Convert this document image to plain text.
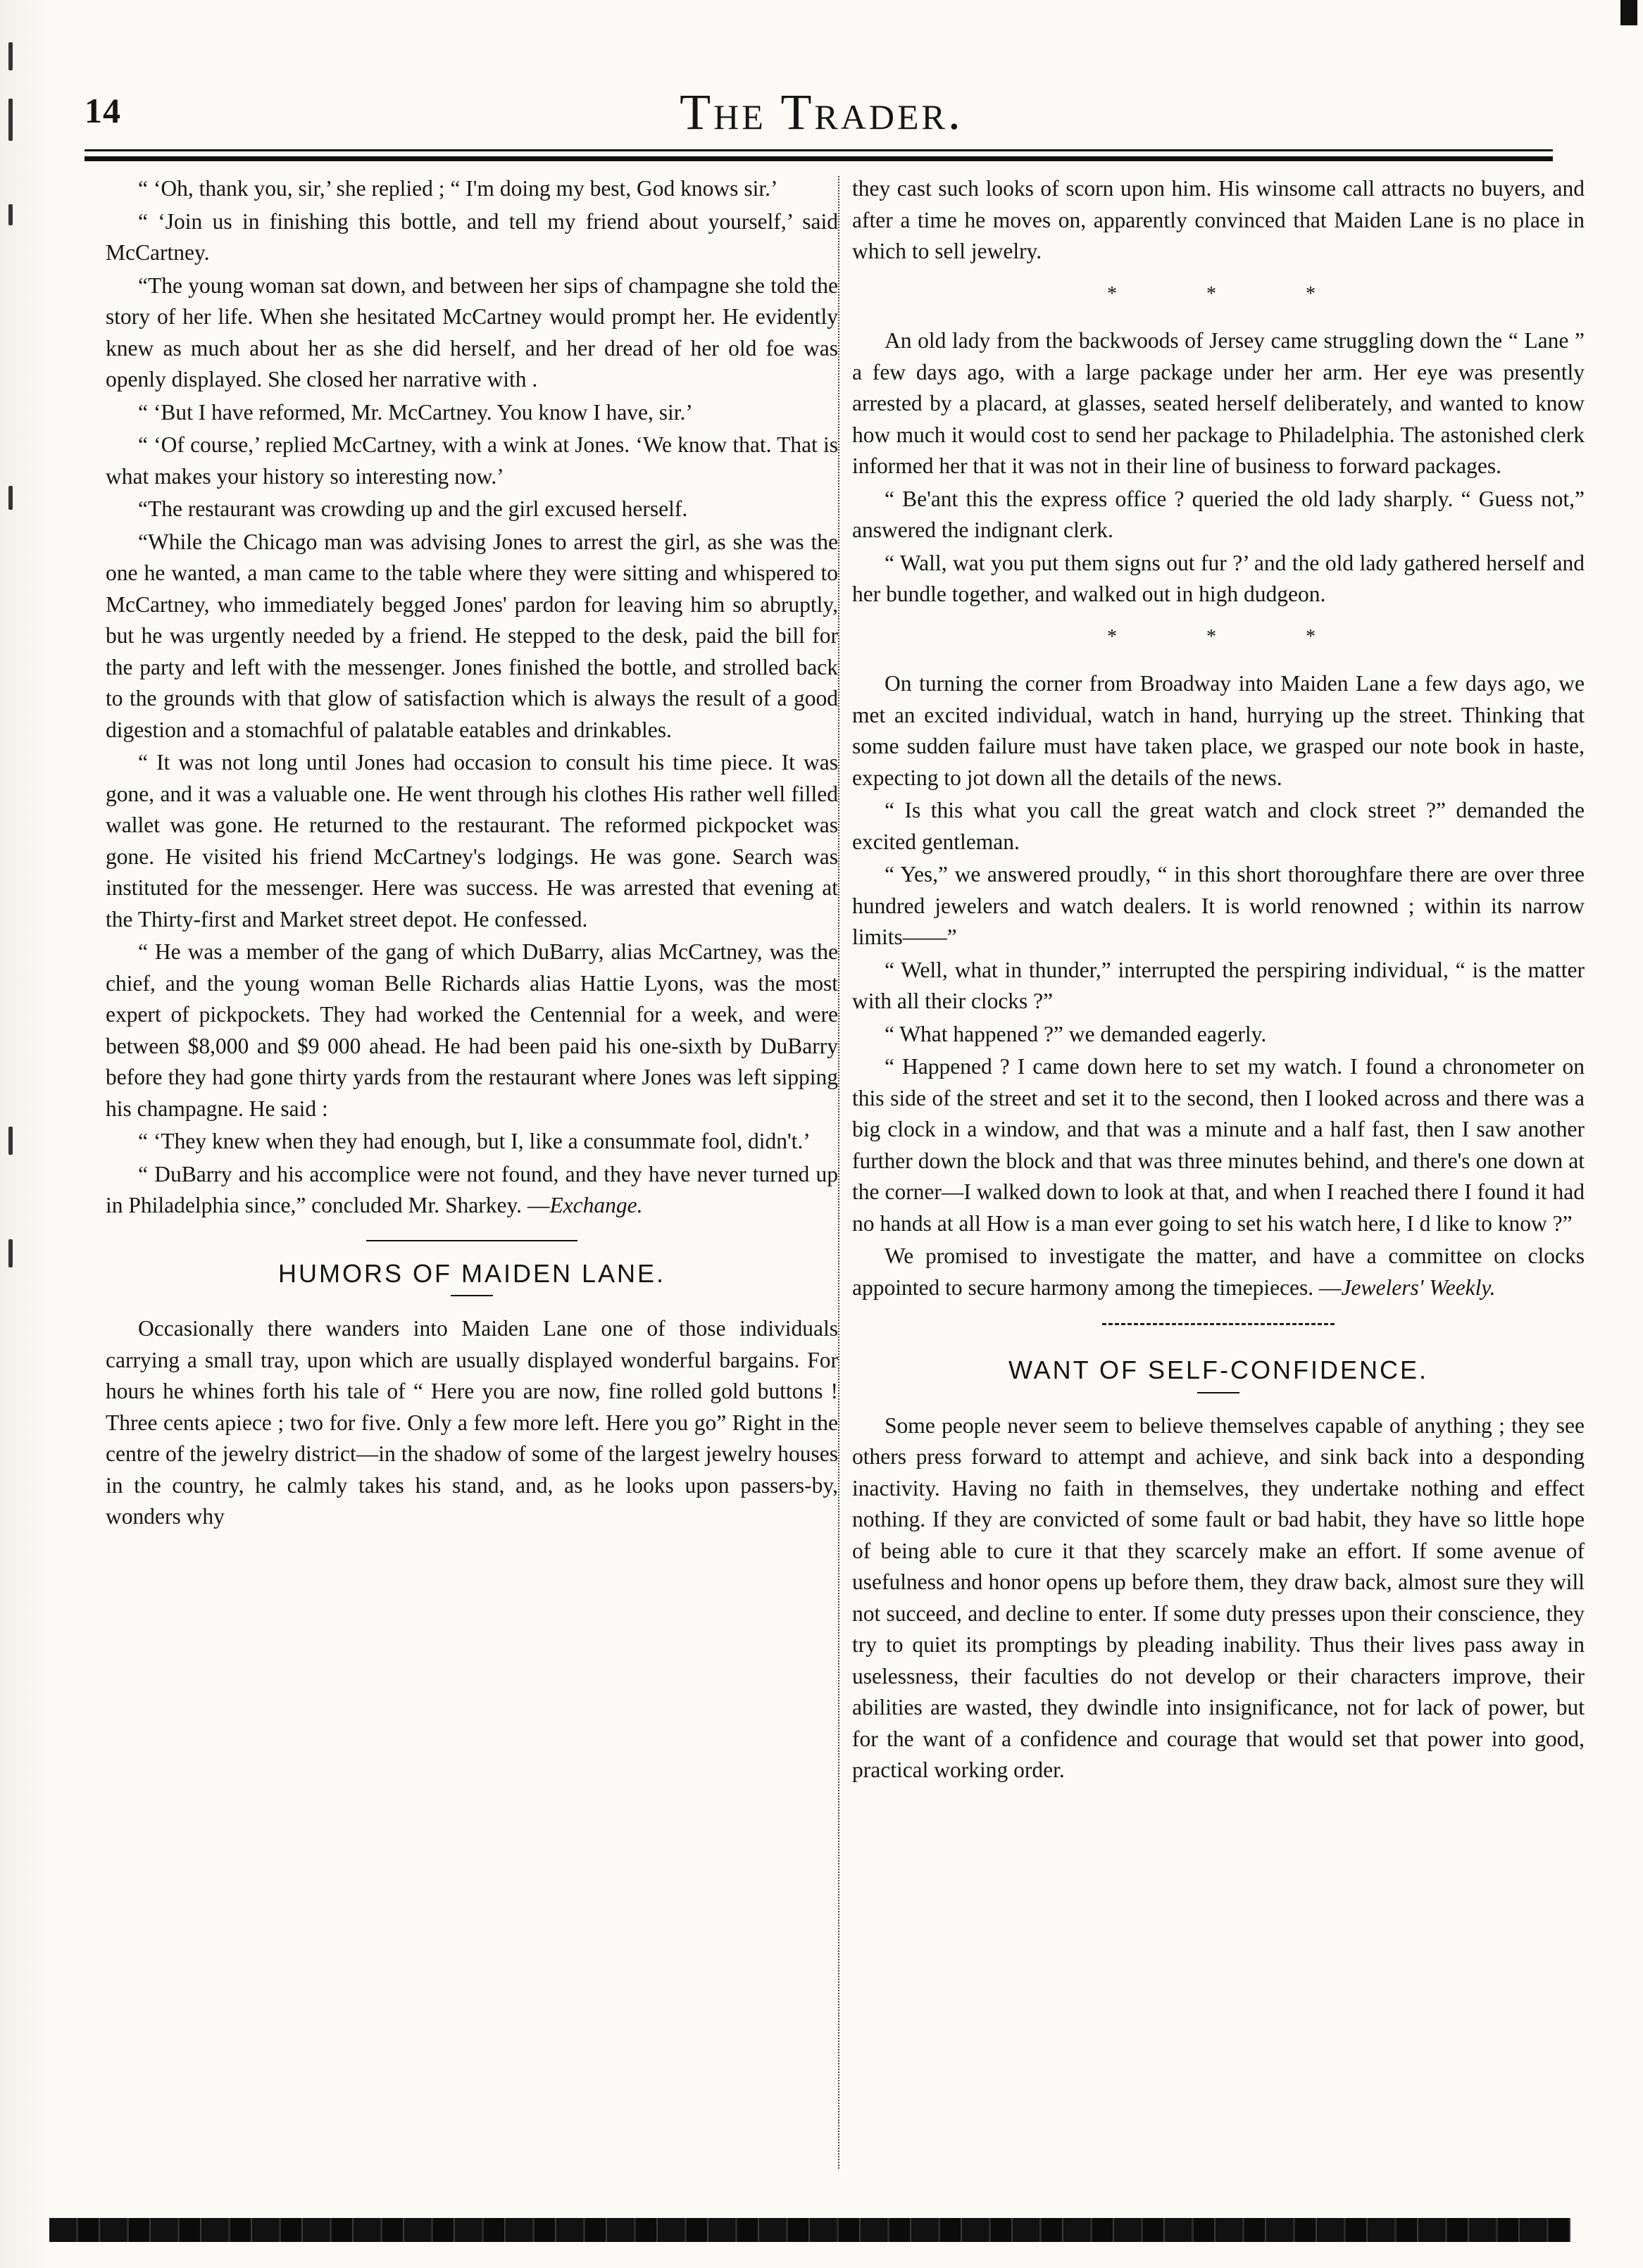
14	The Trader.

“ ‘Oh, thank you, sir,’ she replied ; “ I'm doing my best, God knows sir.’

“ ‘Join us in finishing this bottle, and tell my friend about yourself,’ said McCartney.

“The young woman sat down, and between her sips of champagne she told the story of her life. When she hesitated McCartney would prompt her. He evidently knew as much about her as she did herself, and her dread of her old foe was openly displayed. She closed her narrative with .

“ ‘But I have reformed, Mr. McCartney. You know I have, sir.’

“ ‘Of course,’ replied McCartney, with a wink at Jones. ‘We know that. That is what makes your history so interesting now.’

“The restaurant was crowding up and the girl excused herself.

“While the Chicago man was advising Jones to arrest the girl, as she was the one he wanted, a man came to the table where they were sitting and whispered to McCartney, who immediately begged Jones' pardon for leaving him so abruptly, but he was urgently needed by a friend. He stepped to the desk, paid the bill for the party and left with the messenger. Jones finished the bottle, and strolled back to the grounds with that glow of satisfaction which is always the result of a good digestion and a stomachful of palatable eatables and drinkables.

“ It was not long until Jones had occasion to consult his time piece. It was gone, and it was a valuable one. He went through his clothes His rather well filled wallet was gone. He returned to the restaurant. The reformed pickpocket was gone. He visited his friend McCartney's lodgings. He was gone. Search was instituted for the messenger. Here was success. He was arrested that evening at the Thirty-first and Market street depot. He confessed.

“ He was a member of the gang of which DuBarry, alias McCartney, was the chief, and the young woman Belle Richards alias Hattie Lyons, was the most expert of pickpockets. They had worked the Centennial for a week, and were between $8,000 and $9 000 ahead. He had been paid his one-sixth by DuBarry before they had gone thirty yards from the restaurant where Jones was left sipping his champagne. He said :

“ ‘They knew when they had enough, but I, like a consummate fool, didn't.’

“ DuBarry and his accomplice were not found, and they have never turned up in Philadelphia since,” concluded Mr. Sharkey. —Exchange.

HUMORS OF MAIDEN LANE.

Occasionally there wanders into Maiden Lane one of those individuals carrying a small tray, upon which are usually displayed wonderful bargains. For hours he whines forth his tale of “ Here you are now, fine rolled gold buttons ! Three cents apiece ; two for five. Only a few more left. Here you go” Right in the centre of the jewelry district—in the shadow of some of the largest jewelry houses in the country, he calmly takes his stand, and, as he looks upon passers-by, wonders why

they cast such looks of scorn upon him. His winsome call attracts no buyers, and after a time he moves on, apparently convinced that Maiden Lane is no place in which to sell jewelry.

* * *

An old lady from the backwoods of Jersey came struggling down the “ Lane ” a few days ago, with a large package under her arm. Her eye was presently arrested by a placard, at glasses, seated herself deliberately, and wanted to know how much it would cost to send her package to Philadelphia. The astonished clerk informed her that it was not in their line of business to forward packages.

“ Be'ant this the express office ? queried the old lady sharply. “ Guess not,” answered the indignant clerk.

“ Wall, wat you put them signs out fur ?’ and the old lady gathered herself and her bundle together, and walked out in high dudgeon.

* * *

On turning the corner from Broadway into Maiden Lane a few days ago, we met an excited individual, watch in hand, hurrying up the street. Thinking that some sudden failure must have taken place, we grasped our note book in haste, expecting to jot down all the details of the news.

“ Is this what you call the great watch and clock street ?” demanded the excited gentleman.

“ Yes,” we answered proudly, “ in this short thoroughfare there are over three hundred jewelers and watch dealers. It is world renowned ; within its narrow limits——”

“ Well, what in thunder,” interrupted the perspiring individual, “ is the matter with all their clocks ?”

“ What happened ?” we demanded eagerly.

“ Happened ? I came down here to set my watch. I found a chronometer on this side of the street and set it to the second, then I looked across and there was a big clock in a window, and that was a minute and a half fast, then I saw another further down the block and that was three minutes behind, and there's one down at the corner—I walked down to look at that, and when I reached there I found it had no hands at all How is a man ever going to set his watch here, I d like to know ?”

We promised to investigate the matter, and have a committee on clocks appointed to secure harmony among the timepieces. —Jewelers' Weekly.

WANT OF SELF-CONFIDENCE.

Some people never seem to believe themselves capable of anything ; they see others press forward to attempt and achieve, and sink back into a desponding inactivity. Having no faith in themselves, they undertake nothing and effect nothing. If they are convicted of some fault or bad habit, they have so little hope of being able to cure it that they scarcely make an effort. If some avenue of usefulness and honor opens up before them, they draw back, almost sure they will not succeed, and decline to enter. If some duty presses upon their conscience, they try to quiet its promptings by pleading inability. Thus their lives pass away in uselessness, their faculties do not develop or their characters improve, their abilities are wasted, they dwindle into insignificance, not for lack of power, but for the want of a confidence and courage that would set that power into good, practical working order.
